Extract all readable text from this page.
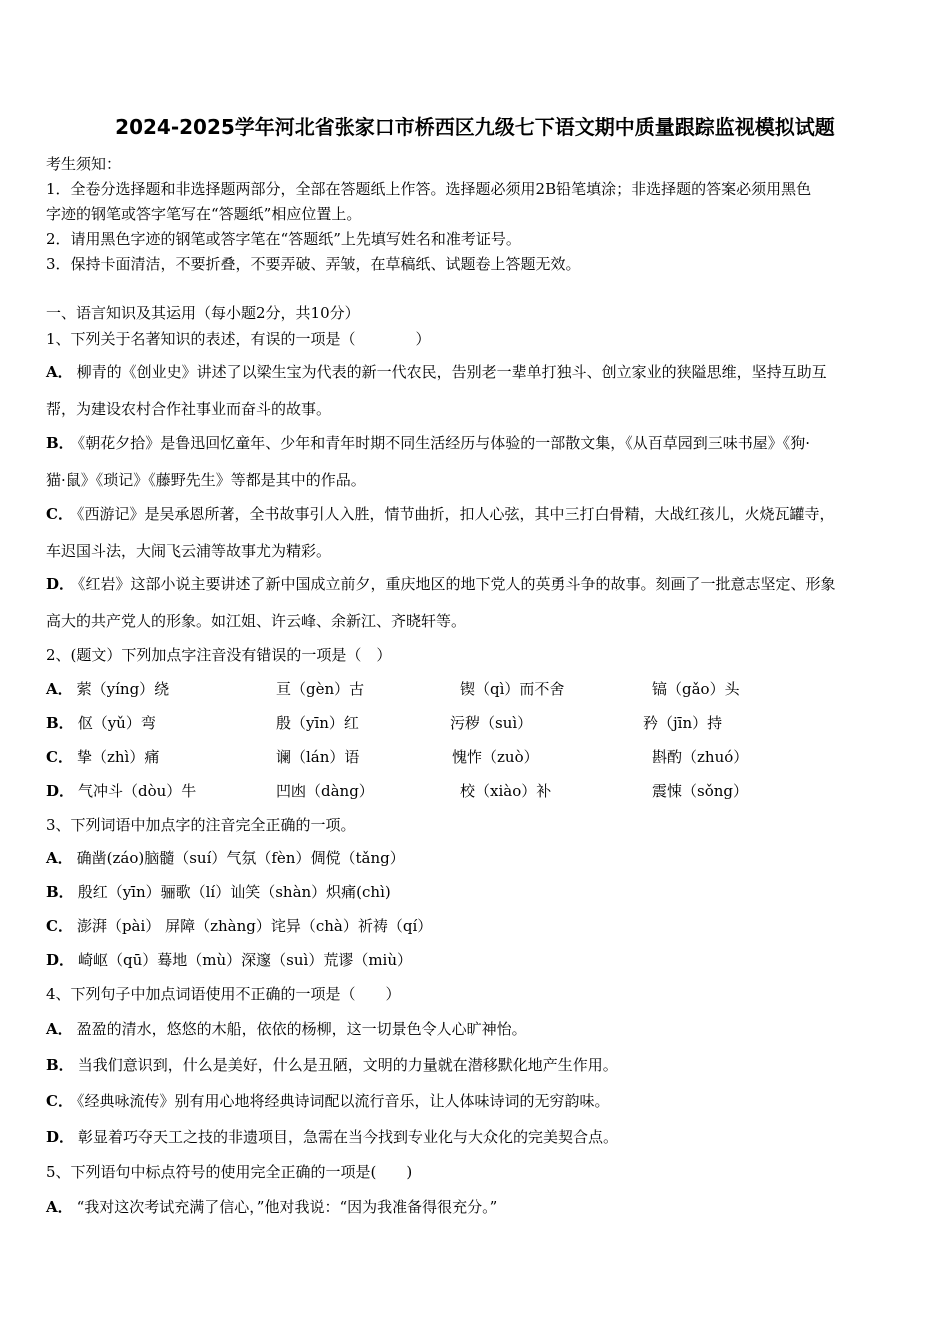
2024-2025学年河北省张家口市桥西区九级七下语文期中质量跟踪监视模拟试题
考生须知：
1．全卷分选择题和非选择题两部分，全部在答题纸上作答。选择题必须用2B铅笔填涂；非选择题的答案必须用黑色
字迹的钢笔或答字笔写在“答题纸”相应位置上。
2．请用黑色字迹的钢笔或答字笔在“答题纸”上先填写姓名和准考证号。
3．保持卡面清洁，不要折叠，不要弄破、弄皱，在草稿纸、试题卷上答题无效。
一、语言知识及其运用（每小题2分，共10分）
1、下列关于名著知识的表述，有误的一项是（　　　　）
A． 柳青的《创业史》讲述了以梁生宝为代表的新一代农民，告别老一辈单打独斗、创立家业的狭隘思维，坚持互助互
帮，为建设农村合作社事业而奋斗的故事。
B． 《朝花夕拾》是鲁迅回忆童年、少年和青年时期不同生活经历与体验的一部散文集，《从百草园到三味书屋》《狗·
猫·鼠》《琐记》《藤野先生》等都是其中的作品。
C． 《西游记》是吴承恩所著，全书故事引人入胜，情节曲折，扣人心弦，其中三打白骨精，大战红孩儿，火烧瓦罐寺，
车迟国斗法，大闹飞云浦等故事尤为精彩。
D． 《红岩》这部小说主要讲述了新中国成立前夕，重庆地区的地下党人的英勇斗争的故事。刻画了一批意志坚定、形象
高大的共产党人的形象。如江姐、许云峰、余新江、齐晓轩等。
2、(题文）下列加点字注音没有错误的一项是（　）
A． 萦（yíng）绕	亘（gèn）古	锲（qì）而不舍	镐（gǎo）头
B． 伛（yǔ）弯	殷（yīn）红	污秽（suì）	矜（jīn）持
C． 挚（zhì）痛	谰（lán）语	愧怍（zuò）	斟酌（zhuó）
D． 气冲斗（dòu）牛	凹凼（dàng）	校（xiào）补	震悚（sǒng）
3、下列词语中加点字的注音完全正确的一项。
A． 确凿(záo)脑髓（suí）气氛（fèn）倜傥（tǎng）
B． 殷红（yīn）骊歌（lí）讪笑（shàn）炽痛(chì)
C． 澎湃（pài） 屏障（zhàng）诧异（chà）祈祷（qí）
D． 崎岖（qū）蓦地（mù）深邃（suì）荒谬（miù）
4、下列句子中加点词语使用不正确的一项是（　　）
A． 盈盈的清水，悠悠的木船，依依的杨柳，这一切景色令人心旷神怡。
B． 当我们意识到，什么是美好，什么是丑陋，文明的力量就在潜移默化地产生作用。
C． 《经典咏流传》别有用心地将经典诗词配以流行音乐，让人体味诗词的无穷韵味。
D． 彰显着巧夺天工之技的非遗项目，急需在当今找到专业化与大众化的完美契合点。
5、下列语句中标点符号的使用完全正确的一项是(　　)
A． “我对这次考试充满了信心，”他对我说：“因为我准备得很充分。”
